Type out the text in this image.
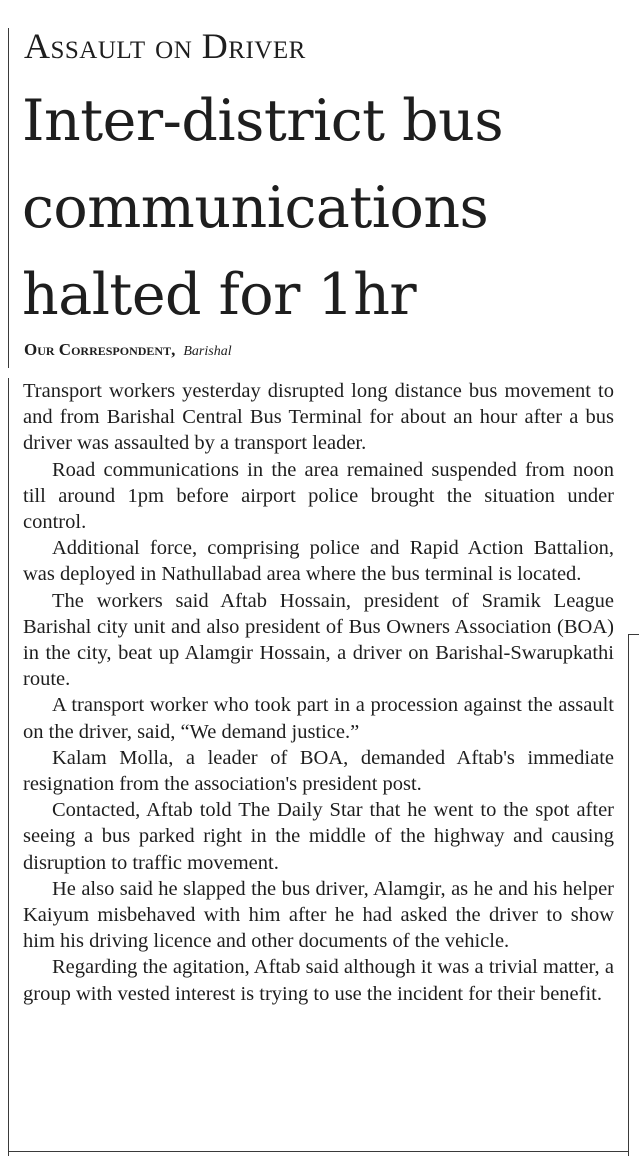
Assault on Driver
Inter-district bus communications halted for 1hr
Our Correspondent, Barishal

Transport workers yesterday disrupted long distance bus movement to and from Barishal Central Bus Terminal for about an hour after a bus driver was assaulted by a transport leader.

Road communications in the area remained suspended from noon till around 1pm before airport police brought the situation under control.

Additional force, comprising police and Rapid Action Battalion, was deployed in Nathullabad area where the bus terminal is located.

The workers said Aftab Hossain, president of Sramik League Barishal city unit and also president of Bus Owners Association (BOA) in the city, beat up Alamgir Hossain, a driver on Barishal-Swarupkathi route.

A transport worker who took part in a procession against the assault on the driver, said, “We demand justice.”

Kalam Molla, a leader of BOA, demanded Aftab's immediate resignation from the association's president post.

Contacted, Aftab told The Daily Star that he went to the spot after seeing a bus parked right in the middle of the highway and causing disruption to traffic movement.

He also said he slapped the bus driver, Alamgir, as he and his helper Kaiyum misbehaved with him after he had asked the driver to show him his driving licence and other documents of the vehicle.

Regarding the agitation, Aftab said although it was a trivial matter, a group with vested interest is trying to use the incident for their benefit.
